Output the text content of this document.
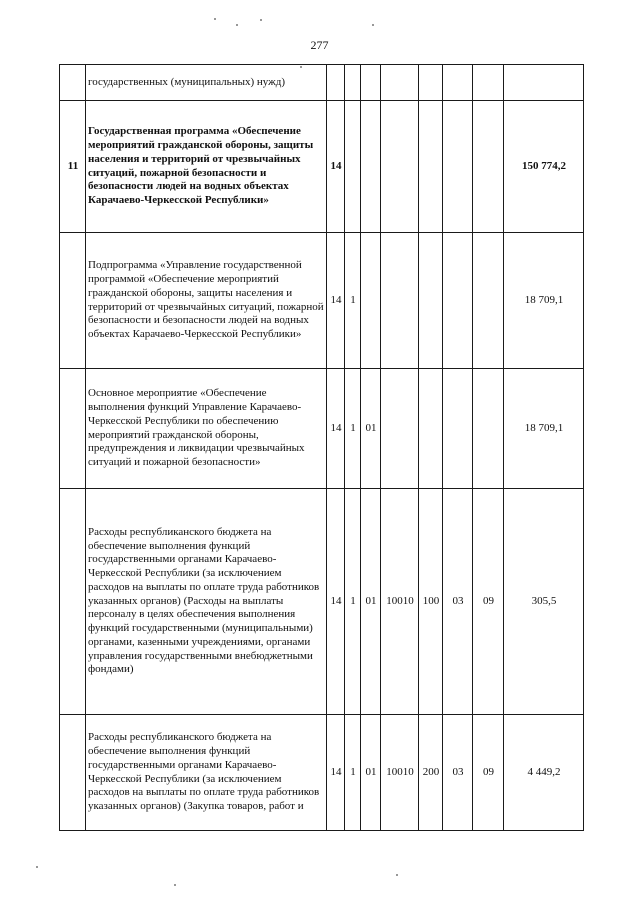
277
	государственных (муниципальных) нужд)								
11	Государственная программа «Обеспечение мероприятий гражданской обороны, защиты населения и территорий от чрезвычайных ситуаций, пожарной безопасности и безопасности людей на водных объектах Карачаево-Черкесской Республики»	14							150 774,2
	Подпрограмма «Управление государственной программой «Обеспечение мероприятий гражданской обороны, защиты населения и территорий от чрезвычайных ситуаций, пожарной безопасности и безопасности людей на водных объектах Карачаево-Черкесской Республики»	14	1						18 709,1
	Основное мероприятие «Обеспечение выполнения функций Управление Карачаево-Черкесской Республики по обеспечению мероприятий гражданской обороны, предупреждения и ликвидации чрезвычайных ситуаций и пожарной безопасности»	14	1	01					18 709,1
	Расходы республиканского бюджета на обеспечение выполнения функций государственными органами Карачаево-Черкесской Республики (за исключением расходов на выплаты по оплате труда работников указанных органов) (Расходы на выплаты персоналу в целях обеспечения выполнения функций государственными (муниципальными) органами, казенными учреждениями, органами управления государственными внебюджетными фондами)	14	1	01	10010	100	03	09	305,5
	Расходы республиканского бюджета на обеспечение выполнения функций государственными органами Карачаево-Черкесской Республики (за исключением расходов на выплаты по оплате труда работников указанных органов) (Закупка товаров, работ и	14	1	01	10010	200	03	09	4 449,2
